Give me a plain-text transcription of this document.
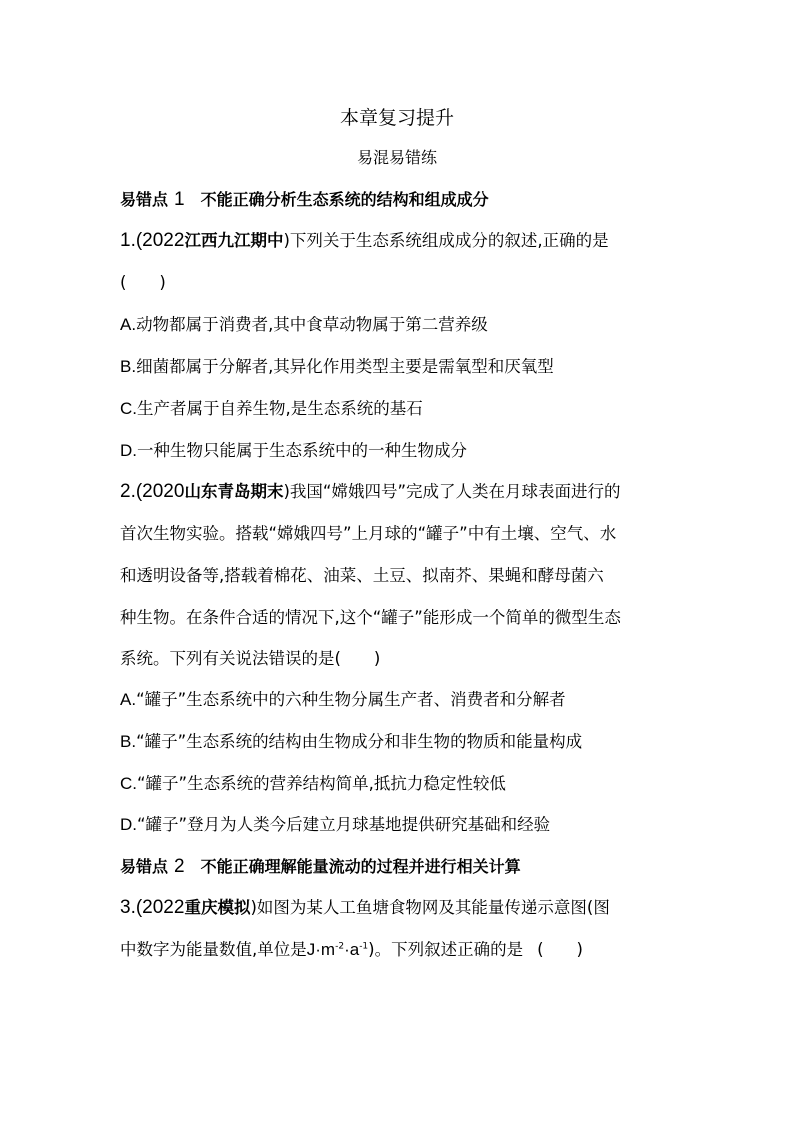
本章复习提升
易混易错练
易错点 1 不能正确分析生态系统的结构和组成成分
1.(2022江西九江期中)下列关于生态系统组成成分的叙述,正确的是
(　　)
A.动物都属于消费者,其中食草动物属于第二营养级
B.细菌都属于分解者,其异化作用类型主要是需氧型和厌氧型
C.生产者属于自养生物,是生态系统的基石
D.一种生物只能属于生态系统中的一种生物成分
2.(2020山东青岛期末)我国“嫦娥四号”完成了人类在月球表面进行的
首次生物实验。搭载“嫦娥四号”上月球的“罐子”中有土壤、空气、水
和透明设备等,搭载着棉花、油菜、土豆、拟南芥、果蝇和酵母菌六
种生物。在条件合适的情况下,这个“罐子”能形成一个简单的微型生态
系统。下列有关说法错误的是(　　)
A.“罐子”生态系统中的六种生物分属生产者、消费者和分解者
B.“罐子”生态系统的结构由生物成分和非生物的物质和能量构成
C.“罐子”生态系统的营养结构简单,抵抗力稳定性较低
D.“罐子”登月为人类今后建立月球基地提供研究基础和经验
易错点 2 不能正确理解能量流动的过程并进行相关计算
3.(2022重庆模拟)如图为某人工鱼塘食物网及其能量传递示意图(图
中数字为能量数值,单位是$J\cdot m^{-2}\cdot a^{-1}$)。下列叙述正确的是 (　　)
